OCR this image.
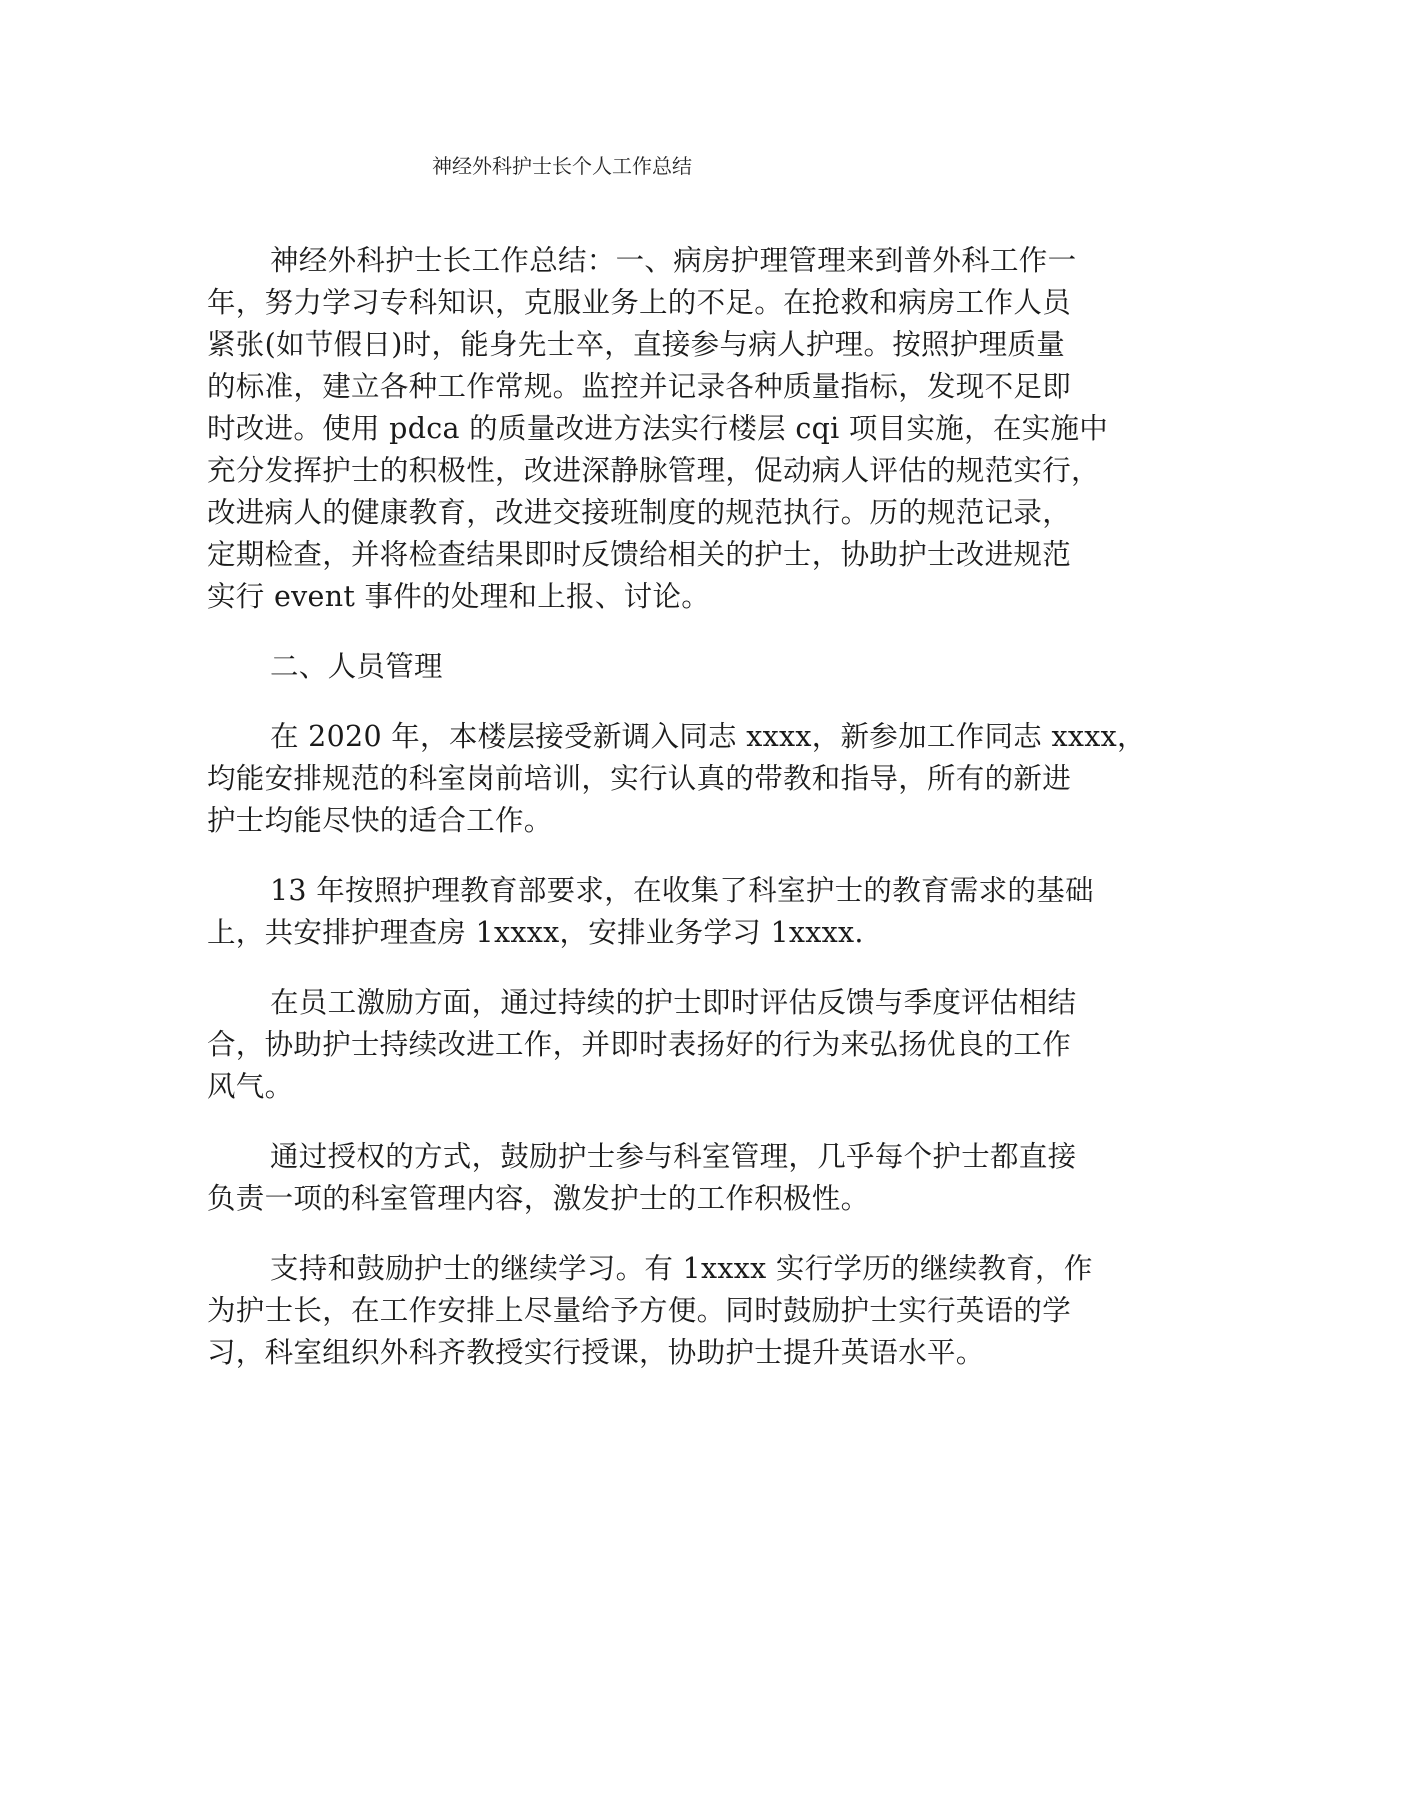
神经外科护士长个人工作总结

神经外科护士长工作总结：一、病房护理管理来到普外科工作一
年，努力学习专科知识，克服业务上的不足。在抢救和病房工作人员
紧张(如节假日)时，能身先士卒，直接参与病人护理。按照护理质量
的标准，建立各种工作常规。监控并记录各种质量指标，发现不足即
时改进。使用 pdca 的质量改进方法实行楼层 cqi 项目实施，在实施中
充分发挥护士的积极性，改进深静脉管理，促动病人评估的规范实行，
改进病人的健康教育，改进交接班制度的规范执行。历的规范记录，
定期检查，并将检查结果即时反馈给相关的护士，协助护士改进规范
实行 event 事件的处理和上报、讨论。

二、人员管理

在 2020 年，本楼层接受新调入同志 xxxx，新参加工作同志 xxxx，
均能安排规范的科室岗前培训，实行认真的带教和指导，所有的新进
护士均能尽快的适合工作。

13 年按照护理教育部要求，在收集了科室护士的教育需求的基础
上，共安排护理查房 1xxxx，安排业务学习 1xxxx.

在员工激励方面，通过持续的护士即时评估反馈与季度评估相结
合，协助护士持续改进工作，并即时表扬好的行为来弘扬优良的工作
风气。

通过授权的方式，鼓励护士参与科室管理，几乎每个护士都直接
负责一项的科室管理内容，激发护士的工作积极性。

支持和鼓励护士的继续学习。有 1xxxx 实行学历的继续教育，作
为护士长，在工作安排上尽量给予方便。同时鼓励护士实行英语的学
习，科室组织外科齐教授实行授课，协助护士提升英语水平。
